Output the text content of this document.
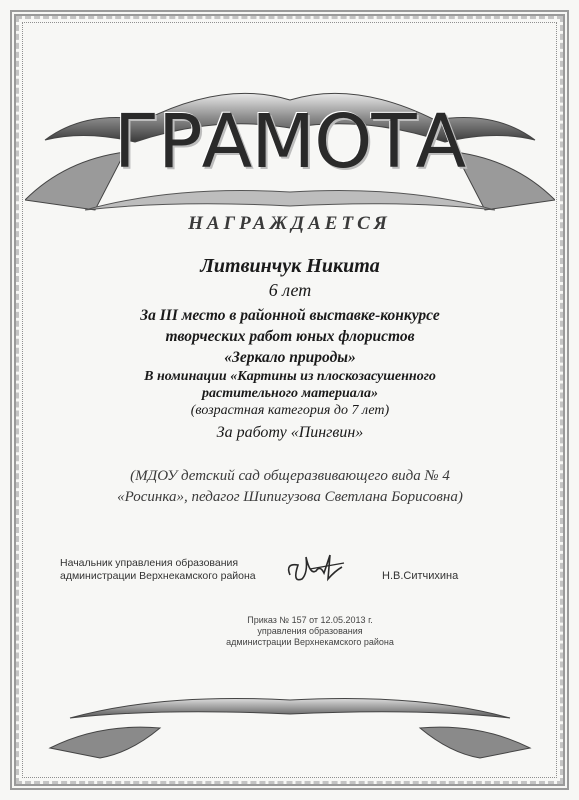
ГРАМОТА
НАГРАЖДАЕТСЯ
Литвинчук Никита
6 лет
За III место в районной выставке-конкурсе
творческих работ юных флористов
«Зеркало природы»
В номинации «Картины из плоскозасушенного
растительного материала»
(возрастная категория до 7 лет)
За работу «Пингвин»
(МДОУ детский сад общеразвивающего вида № 4
«Росинка», педагог Шипигузова Светлана Борисовна)
Начальник управления образования
администрации Верхнекамского района	Н.В.Ситчихина
Приказ № 157 от 12.05.2013 г.
управления образования
администрации Верхнекамского района
